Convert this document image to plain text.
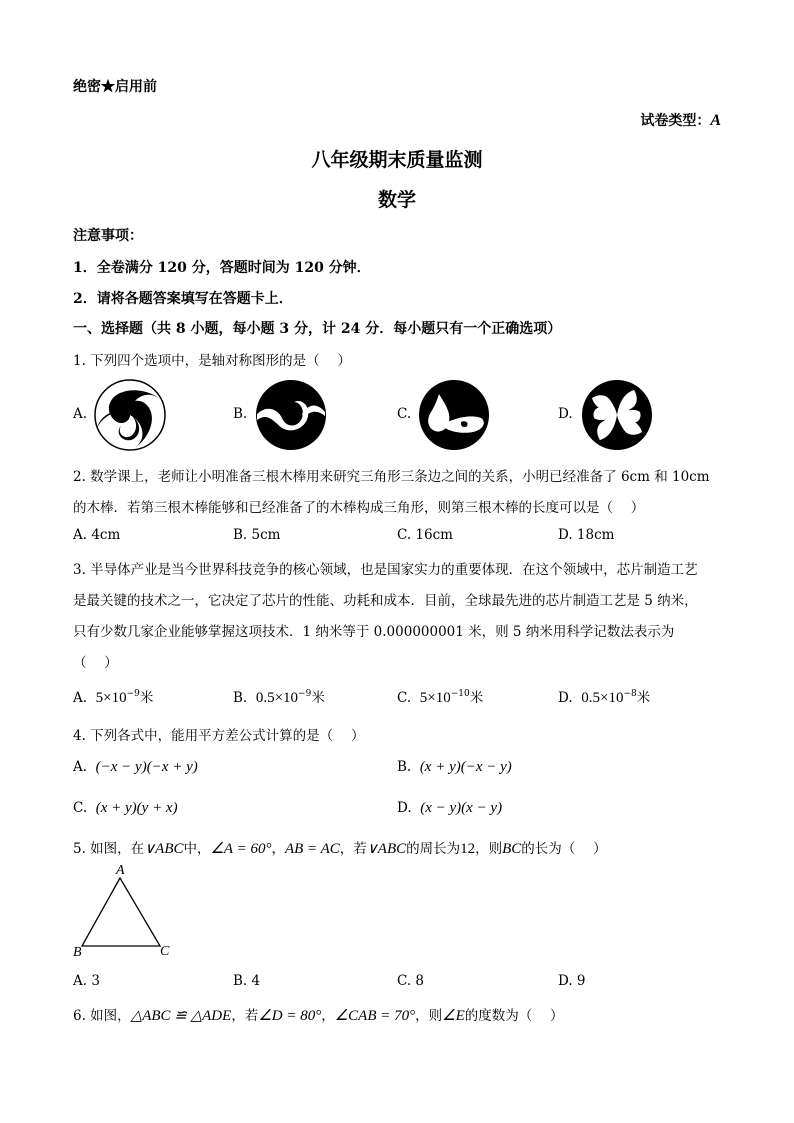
绝密★启用前
试卷类型：A
八年级期末质量监测
数学
注意事项：
1．全卷满分 120 分，答题时间为 120 分钟．
2．请将各题答案填写在答题卡上．
一、选择题（共 8 小题，每小题 3 分，计 24 分．每小题只有一个正确选项）
1. 下列四个选项中，是轴对称图形的是（　 ）
A.	B.	C.	D.
2. 数学课上，老师让小明准备三根木棒用来研究三角形三条边之间的关系，小明已经准备了 6cm 和 10cm
的木棒．若第三根木棒能够和已经准备了的木棒构成三角形，则第三根木棒的长度可以是（　 ）
A. 4cm	B. 5cm	C. 16cm	D. 18cm
3. 半导体产业是当今世界科技竞争的核心领域，也是国家实力的重要体现．在这个领域中，芯片制造工艺
是最关键的技术之一，它决定了芯片的性能、功耗和成本．目前，全球最先进的芯片制造工艺是 5 纳米，
只有少数几家企业能够掌握这项技术．1 纳米等于 0.000000001 米，则 5 纳米用科学记数法表示为
（　 ）
A. $5\times 10^{-9}$米	B. $0.5\times 10^{-9}$米	C. $5\times 10^{-10}$米	D. $0.5\times 10^{-8}$米
4. 下列各式中，能用平方差公式计算的是（　 ）
A. (−x − y)(−x + y)	B. (x + y)(−x − y)
C. (x + y)(y + x)	D. (x − y)(x − y)
5. 如图，在∨ABC中，∠A = 60°，AB = AC，若∨ABC的周长为12，则BC的长为（　 ）
A
B	C
A. 3	B. 4	C. 8	D. 9
6. 如图，△ABC ≌ △ADE，若∠D = 80°，∠CAB = 70°，则∠E的度数为（　 ）
